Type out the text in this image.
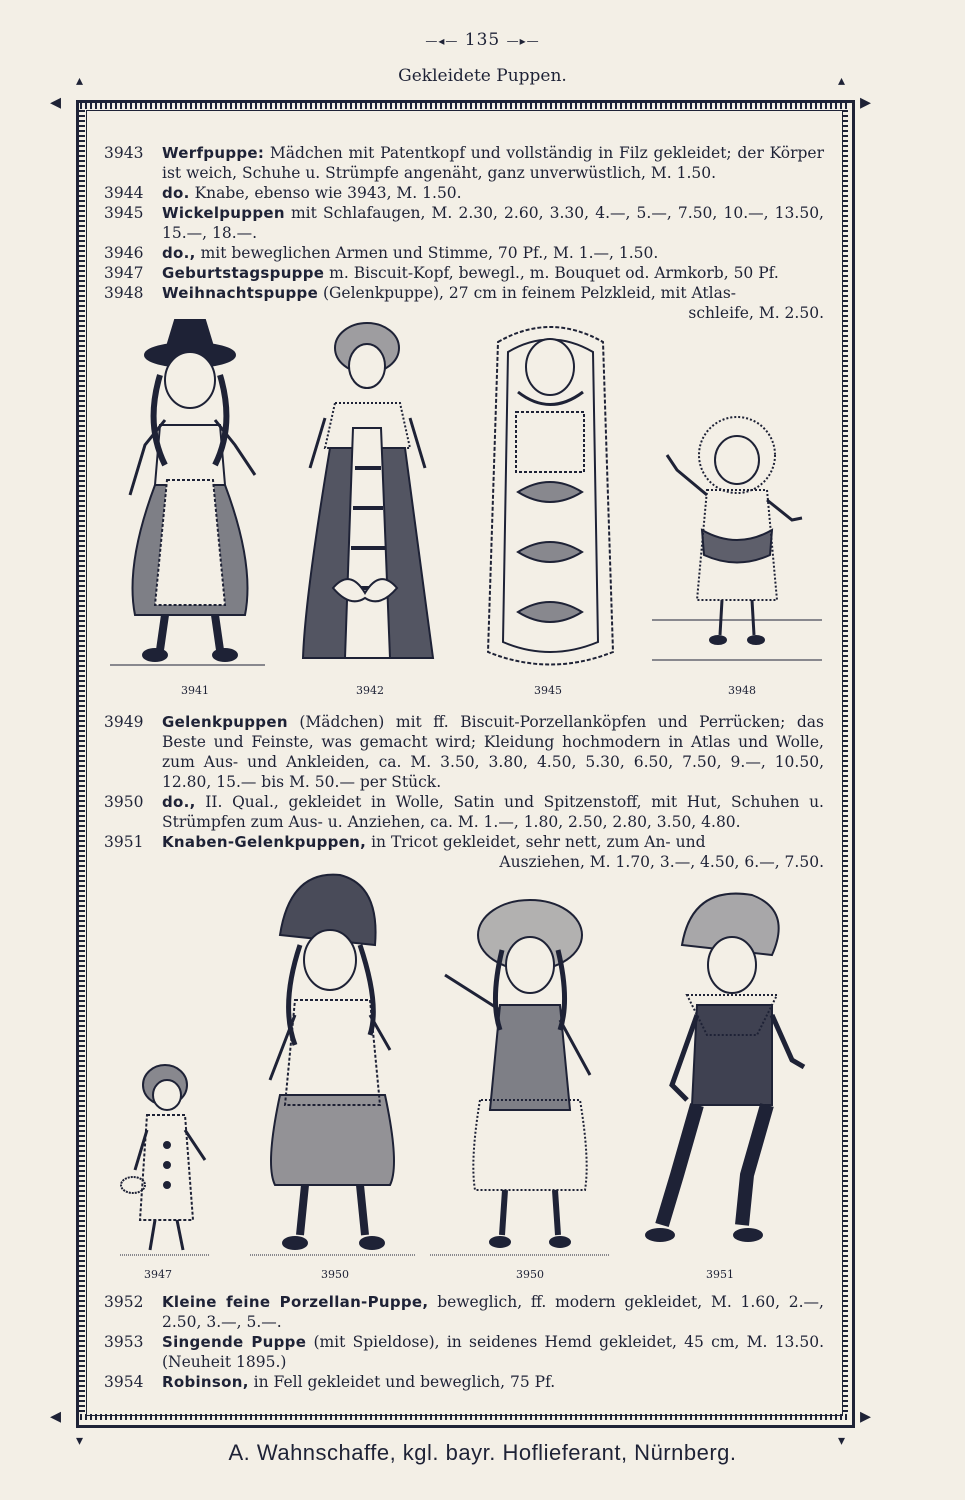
—◂— 135 —▸—
Gekleidete Puppen.
◂	▸
◂	▸
▴	▴
▾	▾
3943 Werfpuppe: Mädchen mit Patentkopf und vollständig in Filz gekleidet; der Körper ist weich, Schuhe u. Strümpfe angenäht, ganz unverwüstlich, M. 1.50.
3944 do. Knabe, ebenso wie 3943, M. 1.50.
3945 Wickelpuppen mit Schlafaugen, M. 2.30, 2.60, 3.30, 4.—, 5.—, 7.50, 10.—, 13.50, 15.—, 18.—.
3946 do., mit beweglichen Armen und Stimme, 70 Pf., M. 1.—, 1.50.
3947 Geburtstagspuppe m. Biscuit-Kopf, bewegl., m. Bouquet od. Armkorb, 50 Pf.
3948 Weihnachtspuppe (Gelenkpuppe), 27 cm in feinem Pelzkleid, mit Atlas-
schleife, M. 2.50.
3941	3942	3945	3948
3949 Gelenkpuppen (Mädchen) mit ff. Biscuit-Porzellanköpfen und Perrücken; das Beste und Feinste, was gemacht wird; Kleidung hochmodern in Atlas und Wolle, zum Aus- und Ankleiden, ca. M. 3.50, 3.80, 4.50, 5.30, 6.50, 7.50, 9.—, 10.50, 12.80, 15.— bis M. 50.— per Stück.
3950 do., II. Qual., gekleidet in Wolle, Satin und Spitzenstoff, mit Hut, Schuhen u. Strümpfen zum Aus- u. Anziehen, ca. M. 1.—, 1.80, 2.50, 2.80, 3.50, 4.80.
3951 Knaben-Gelenkpuppen, in Tricot gekleidet, sehr nett, zum An- und
Ausziehen, M. 1.70, 3.—, 4.50, 6.—, 7.50.
3947	3950	3950	3951
3952 Kleine feine Porzellan-Puppe, beweglich, ff. modern gekleidet, M. 1.60, 2.—, 2.50, 3.—, 5.—.
3953 Singende Puppe (mit Spieldose), in seidenes Hemd gekleidet, 45 cm, M. 13.50. (Neuheit 1895.)
3954 Robinson, in Fell gekleidet und beweglich, 75 Pf.
A. Wahnschaffe, kgl. bayr. Hoflieferant, Nürnberg.
